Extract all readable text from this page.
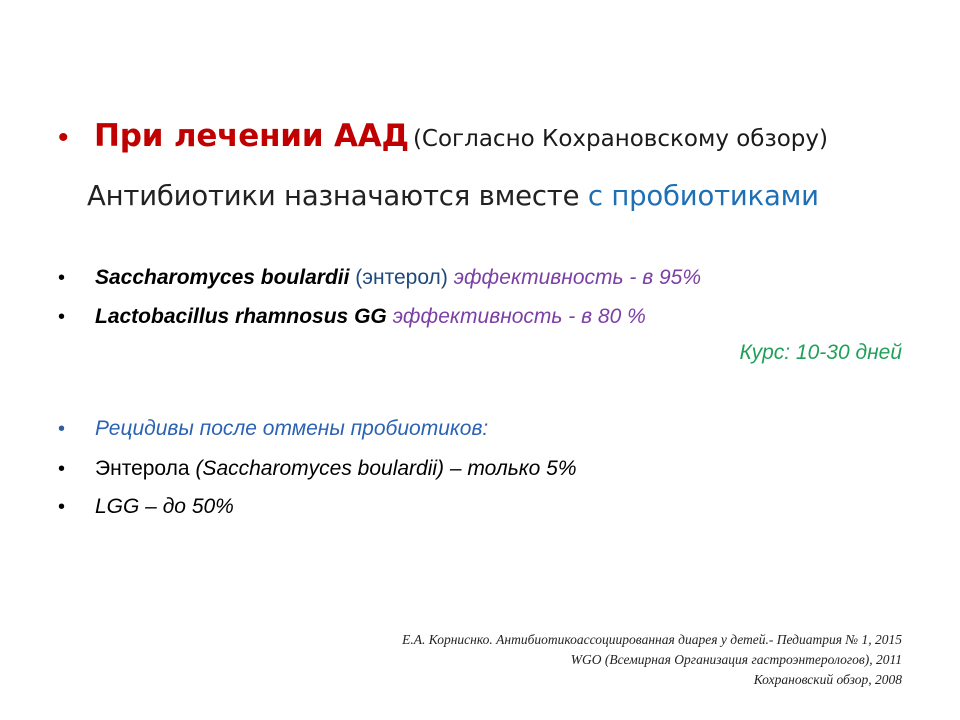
• При лечении ААД (Согласно Кохрановскому обзору)
Антибиотики назначаются вместе с пробиотиками
• Saccharomyces boulardii (энтерол) эффективность - в 95%
• Lactobacillus rhamnosus GG эффективность - в 80 %
Курс: 10-30 дней
• Рецидивы после отмены пробиотиков:
• Энтерола (Saccharomyces boulardii) – только 5%
• LGG – до 50%
Е.А. Корниснко. Антибиотикоассоциированная диарея у детей.- Педиатрия № 1, 2015
WGO (Всемирная Организация гастроэнтерологов), 2011
Кохрановский обзор, 2008
